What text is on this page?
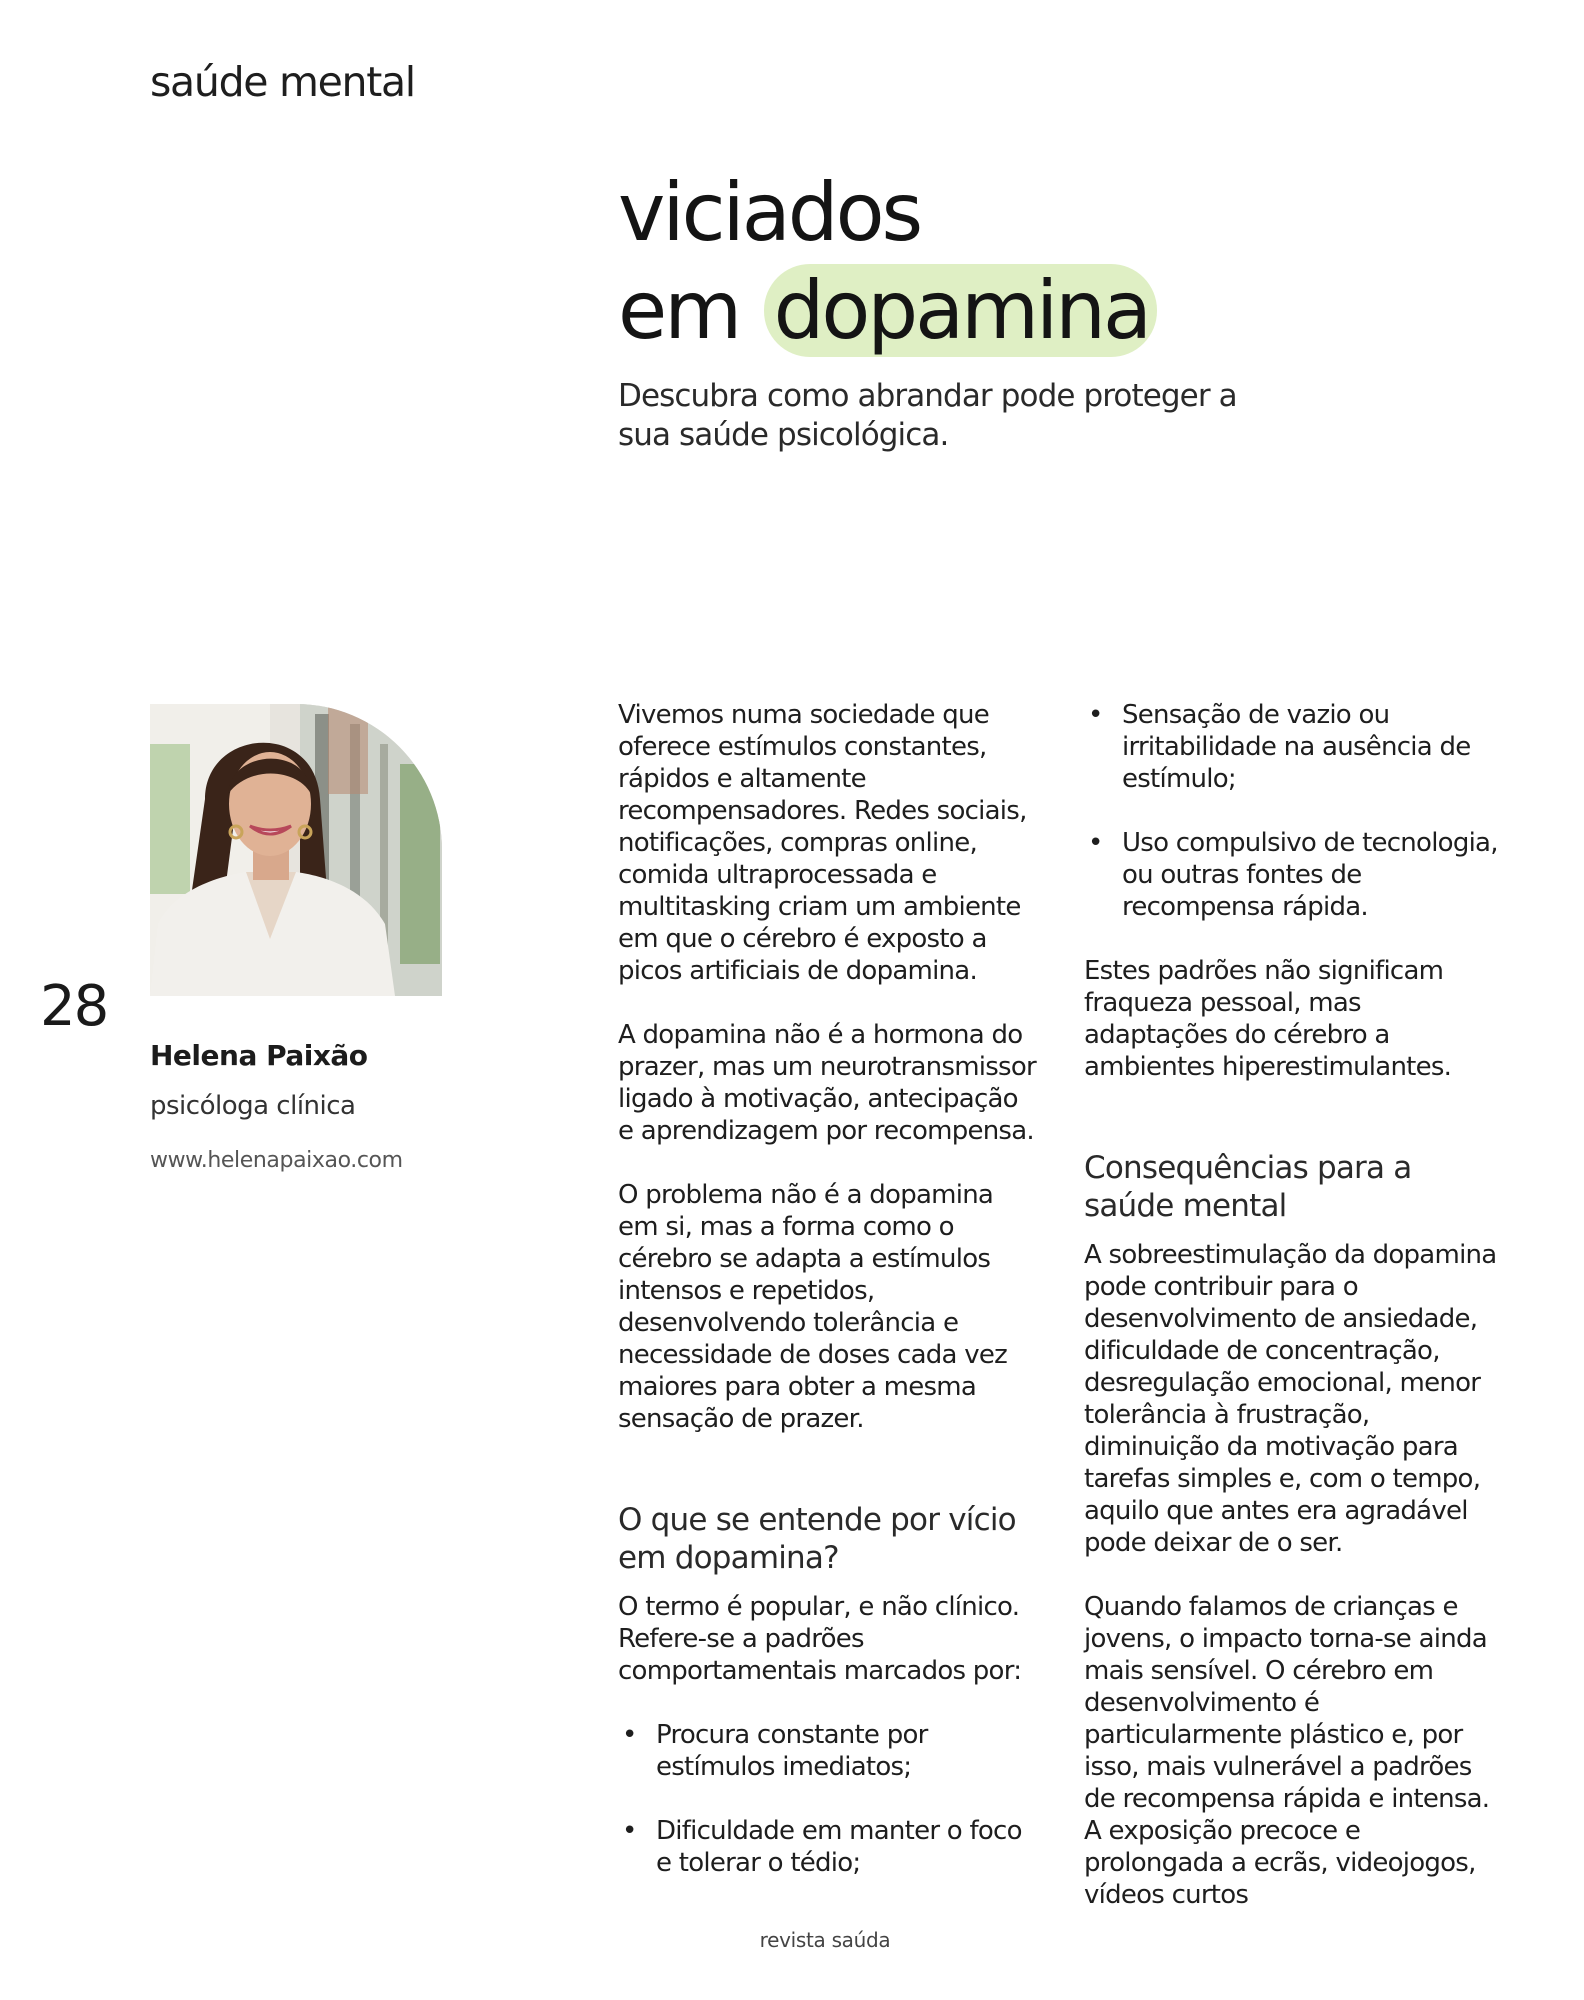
saúde mental
viciados
em dopamina
Descubra como abrandar pode proteger a sua saúde psicológica.
28
Helena Paixão
psicóloga clínica
www.helenapaixao.com

Vivemos numa sociedade que oferece estímulos constantes, rápidos e altamente recompensadores. Redes sociais, notificações, compras online, comida ultraprocessada e multitasking criam um ambiente em que o cérebro é exposto a picos artificiais de dopamina.

A dopamina não é a hormona do prazer, mas um neurotransmissor ligado à motivação, antecipação e aprendizagem por recompensa.

O problema não é a dopamina em si, mas a forma como o cérebro se adapta a estímulos intensos e repetidos, desenvolvendo tolerância e necessidade de doses cada vez maiores para obter a mesma sensação de prazer.

O que se entende por vício em dopamina?

O termo é popular, e não clínico. Refere-se a padrões comportamentais marcados por:

• Procura constante por estímulos imediatos;
• Dificuldade em manter o foco e tolerar o tédio;
• Sensação de vazio ou irritabilidade na ausência de estímulo;
• Uso compulsivo de tecnologia, ou outras fontes de recompensa rápida.

Estes padrões não significam fraqueza pessoal, mas adaptações do cérebro a ambientes hiperestimulantes.

Consequências para a saúde mental

A sobreestimulação da dopamina pode contribuir para o desenvolvimento de ansiedade, dificuldade de concentração, desregulação emocional, menor tolerância à frustração, diminuição da motivação para tarefas simples e, com o tempo, aquilo que antes era agradável pode deixar de o ser.

Quando falamos de crianças e jovens, o impacto torna-se ainda mais sensível. O cérebro em desenvolvimento é particularmente plástico e, por isso, mais vulnerável a padrões de recompensa rápida e intensa. A exposição precoce e prolongada a ecrãs, videojogos, vídeos curtos

revista saúda
